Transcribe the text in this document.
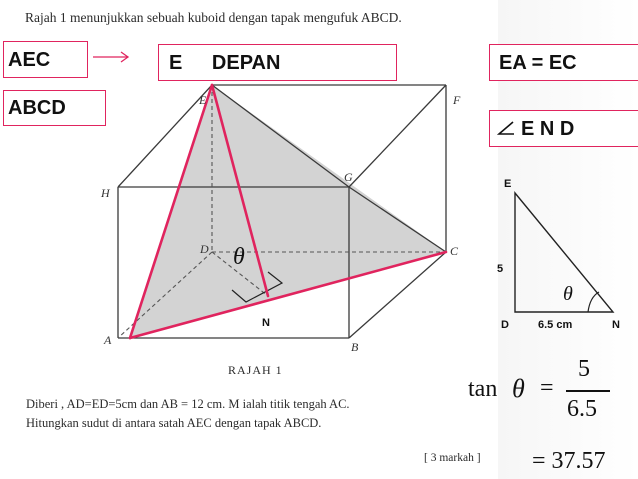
Rajah 1 menunjukkan sebuah kuboid dengan tapak mengufuk ABCD.
E	F
G
H
D	C
A	B
N
θ
RAJAH 1
AEC
ABCD
E DEPAN	EA = EC
E N D
E
5
D	6.5 cm	N
θ
Diberi , AD=ED=5cm dan AB = 12 cm. M ialah titik tengah AC.
Hitungkan sudut di antara satah AEC dengan tapak ABCD.
[ 3 markah ]
tan θ =
5
6.5
= 37.57
